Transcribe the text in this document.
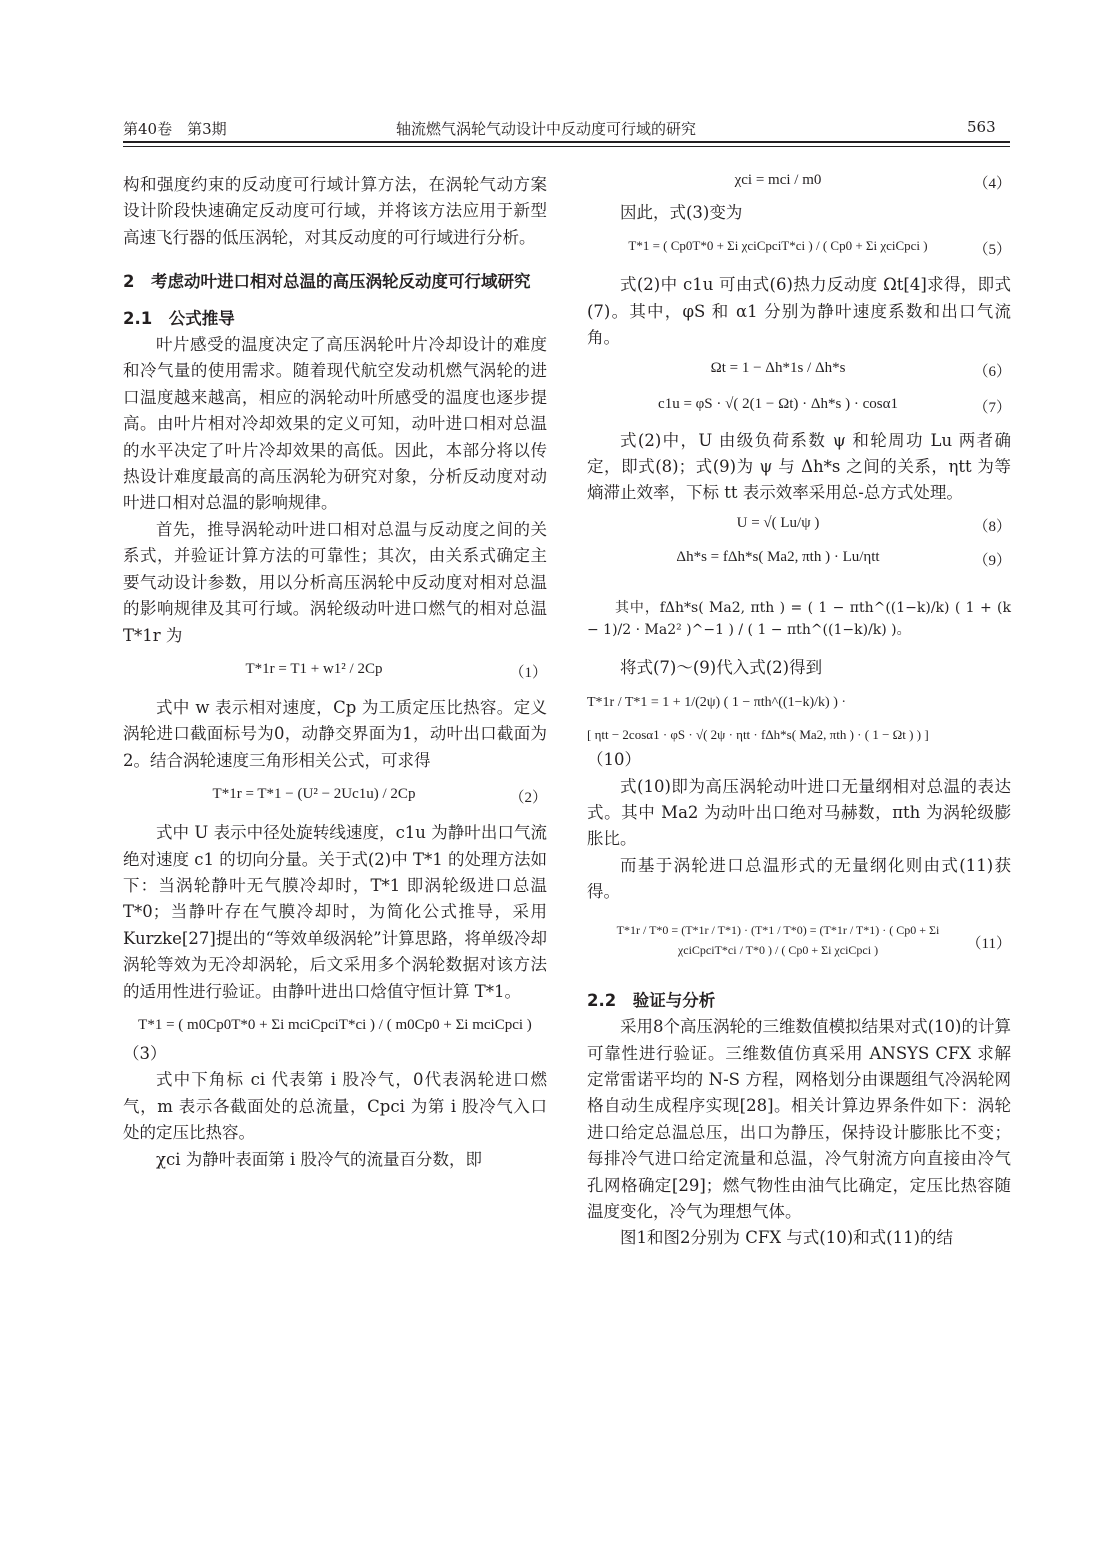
第40卷　第3期	轴流燃气涡轮气动设计中反动度可行域的研究	563

构和强度约束的反动度可行域计算方法，在涡轮气动方案设计阶段快速确定反动度可行域，并将该方法应用于新型高速飞行器的低压涡轮，对其反动度的可行域进行分析。

2　考虑动叶进口相对总温的高压涡轮反动度可行域研究

2.1　公式推导

叶片感受的温度决定了高压涡轮叶片冷却设计的难度和冷气量的使用需求。随着现代航空发动机燃气涡轮的进口温度越来越高，相应的涡轮动叶所感受的温度也逐步提高。由叶片相对冷却效果的定义可知，动叶进口相对总温的水平决定了叶片冷却效果的高低。因此，本部分将以传热设计难度最高的高压涡轮为研究对象，分析反动度对动叶进口相对总温的影响规律。

首先，推导涡轮动叶进口相对总温与反动度之间的关系式，并验证计算方法的可靠性；其次，由关系式确定主要气动设计参数，用以分析高压涡轮中反动度对相对总温的影响规律及其可行域。涡轮级动叶进口燃气的相对总温 T*1r 为

T*1r = T1 + w1² / 2Cp	（1）

式中 w 表示相对速度，Cp 为工质定压比热容。定义涡轮进口截面标号为0，动静交界面为1，动叶出口截面为2。结合涡轮速度三角形相关公式，可求得

T*1r = T*1 − (U² − 2Uc1u) / 2Cp	（2）

式中 U 表示中径处旋转线速度，c1u 为静叶出口气流绝对速度 c1 的切向分量。关于式(2)中 T*1 的处理方法如下：当涡轮静叶无气膜冷却时，T*1 即涡轮级进口总温 T*0；当静叶存在气膜冷却时，为简化公式推导，采用 Kurzke[27]提出的“等效单级涡轮”计算思路，将单级冷却涡轮等效为无冷却涡轮，后文采用多个涡轮数据对该方法的适用性进行验证。由静叶进出口焓值守恒计算 T*1。

T*1 = ( m0Cp0T*0 + Σi mciCpciT*ci ) / ( m0Cp0 + Σi mciCpci )

（3）

式中下角标 ci 代表第 i 股冷气，0代表涡轮进口燃气，m 表示各截面处的总流量，Cpci 为第 i 股冷气入口处的定压比热容。

χci 为静叶表面第 i 股冷气的流量百分数，即

χci = mci / m0	（4）

因此，式(3)变为

T*1 = ( Cp0T*0 + Σi χciCpciT*ci ) / ( Cp0 + Σi χciCpci )	（5）

式(2)中 c1u 可由式(6)热力反动度 Ωt[4]求得，即式(7)。其中，φS 和 α1 分别为静叶速度系数和出口气流角。

Ωt = 1 − Δh*1s / Δh*s	（6）
c1u = φS · √( 2(1 − Ωt) · Δh*s ) · cosα1	（7）

式(2)中，U 由级负荷系数 ψ 和轮周功 Lu 两者确定，即式(8)；式(9)为 ψ 与 Δh*s 之间的关系，ηtt 为等熵滞止效率，下标 tt 表示效率采用总-总方式处理。

U = √( Lu/ψ )	（8）
Δh*s = fΔh*s( Ma2, πth ) · Lu/ηtt	（9）

其中，fΔh*s( Ma2, πth ) = ( 1 − πth^((1−k)/k) ( 1 + (k − 1)/2 · Ma2² )^−1 ) / ( 1 − πth^((1−k)/k) )。

将式(7)～(9)代入式(2)得到

T*1r / T*1 = 1 + 1/(2ψ) ( 1 − πth^((1−k)/k) ) ·

[ ηtt − 2cosα1 · φS · √( 2ψ · ηtt · fΔh*s( Ma2, πth ) · ( 1 − Ωt ) ) ]

（10）

式(10)即为高压涡轮动叶进口无量纲相对总温的表达式。其中 Ma2 为动叶出口绝对马赫数，πth 为涡轮级膨胀比。

而基于涡轮进口总温形式的无量纲化则由式(11)获得。

T*1r / T*0 = (T*1r / T*1) · (T*1 / T*0) = (T*1r / T*1) · ( Cp0 + Σi χciCpciT*ci / T*0 ) / ( Cp0 + Σi χciCpci )	（11）

2.2　验证与分析

采用8个高压涡轮的三维数值模拟结果对式(10)的计算可靠性进行验证。三维数值仿真采用 ANSYS CFX 求解定常雷诺平均的 N-S 方程，网格划分由课题组气冷涡轮网格自动生成程序实现[28]。相关计算边界条件如下：涡轮进口给定总温总压，出口为静压，保持设计膨胀比不变；每排冷气进口给定流量和总温，冷气射流方向直接由冷气孔网格确定[29]；燃气物性由油气比确定，定压比热容随温度变化，冷气为理想气体。

图1和图2分别为 CFX 与式(10)和式(11)的结
